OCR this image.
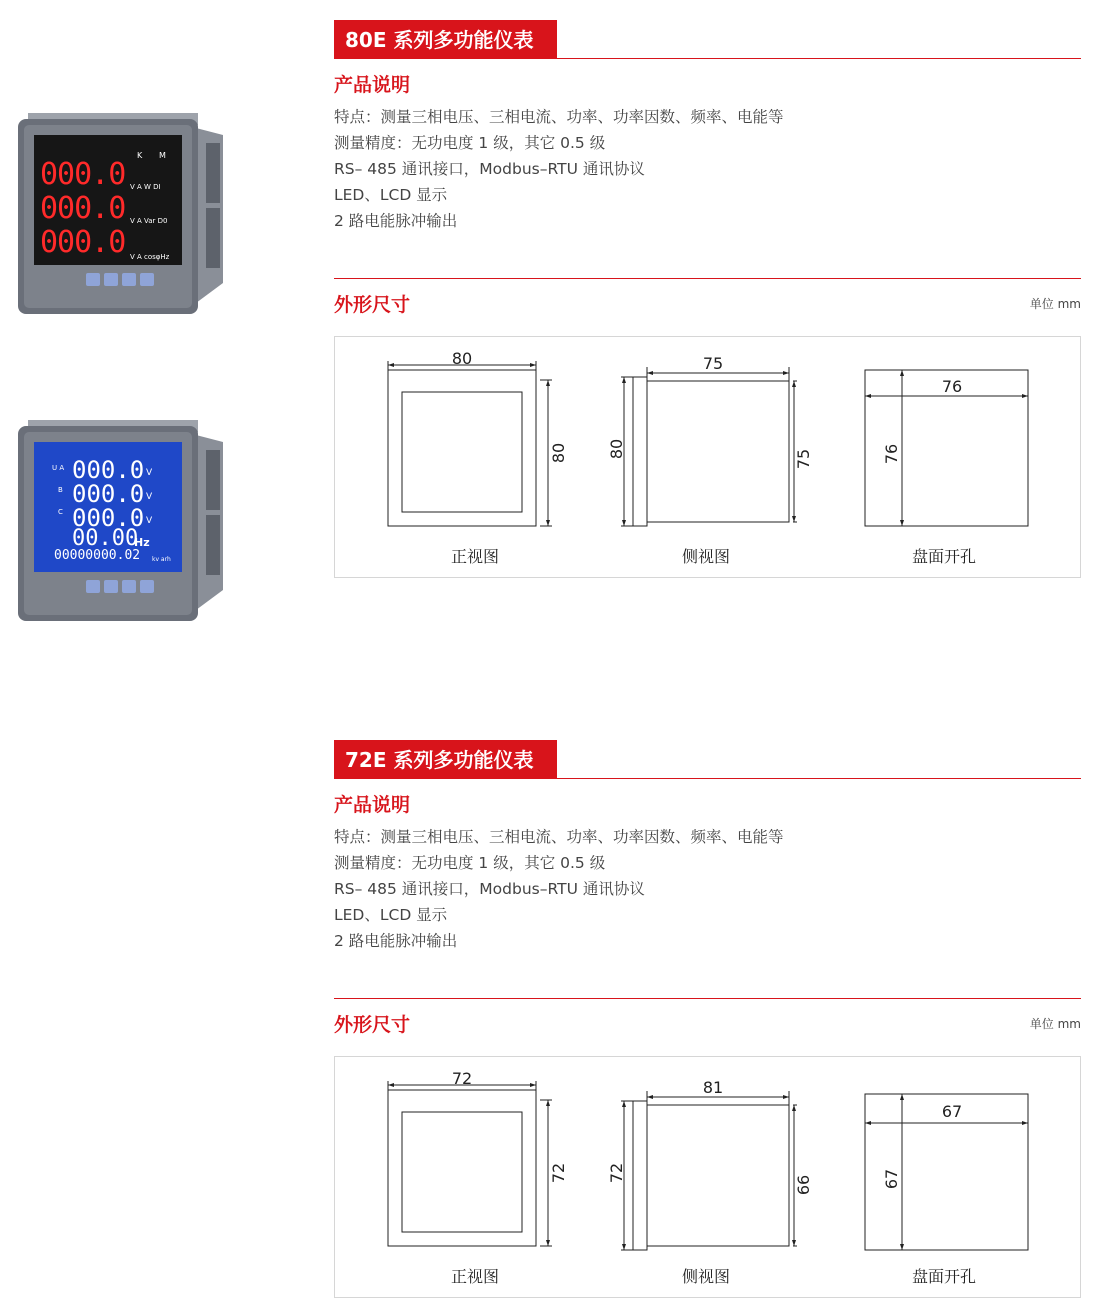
K M
000.0
000.0
000.0
V A W DI
V A Var D0
V A cosφHz
U A
B
C
000.0
000.0
000.0
V
V
V
00.00
Hz
00000000.02 kv arh
80E 系列多功能仪表
产品说明
特点：测量三相电压、三相电流、功率、功率因数、频率、电能等
测量精度：无功电度 1 级，其它 0.5 级
RS– 485 通讯接口，Modbus–RTU 通讯协议
LED、LCD 显示
2 路电能脉冲输出
外形尺寸	单位 mm
80
80 80
75
75
76
76
正视图	侧视图	盘面开孔
72E 系列多功能仪表
产品说明
特点：测量三相电压、三相电流、功率、功率因数、频率、电能等
测量精度：无功电度 1 级，其它 0.5 级
RS– 485 通讯接口，Modbus–RTU 通讯协议
LED、LCD 显示
2 路电能脉冲输出
外形尺寸	单位 mm
72
72 72
81
66
67
67
正视图	侧视图	盘面开孔
